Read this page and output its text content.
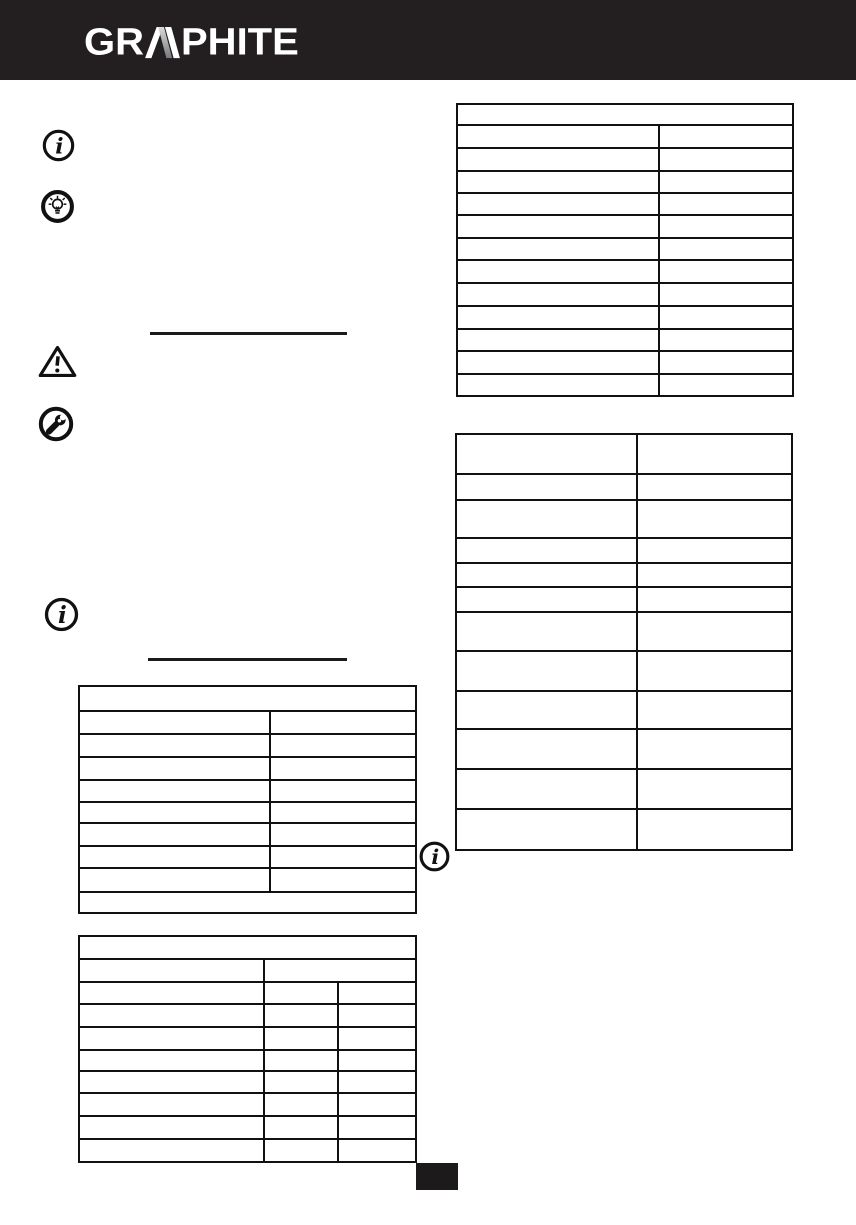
GR PHITE
i
i
i
